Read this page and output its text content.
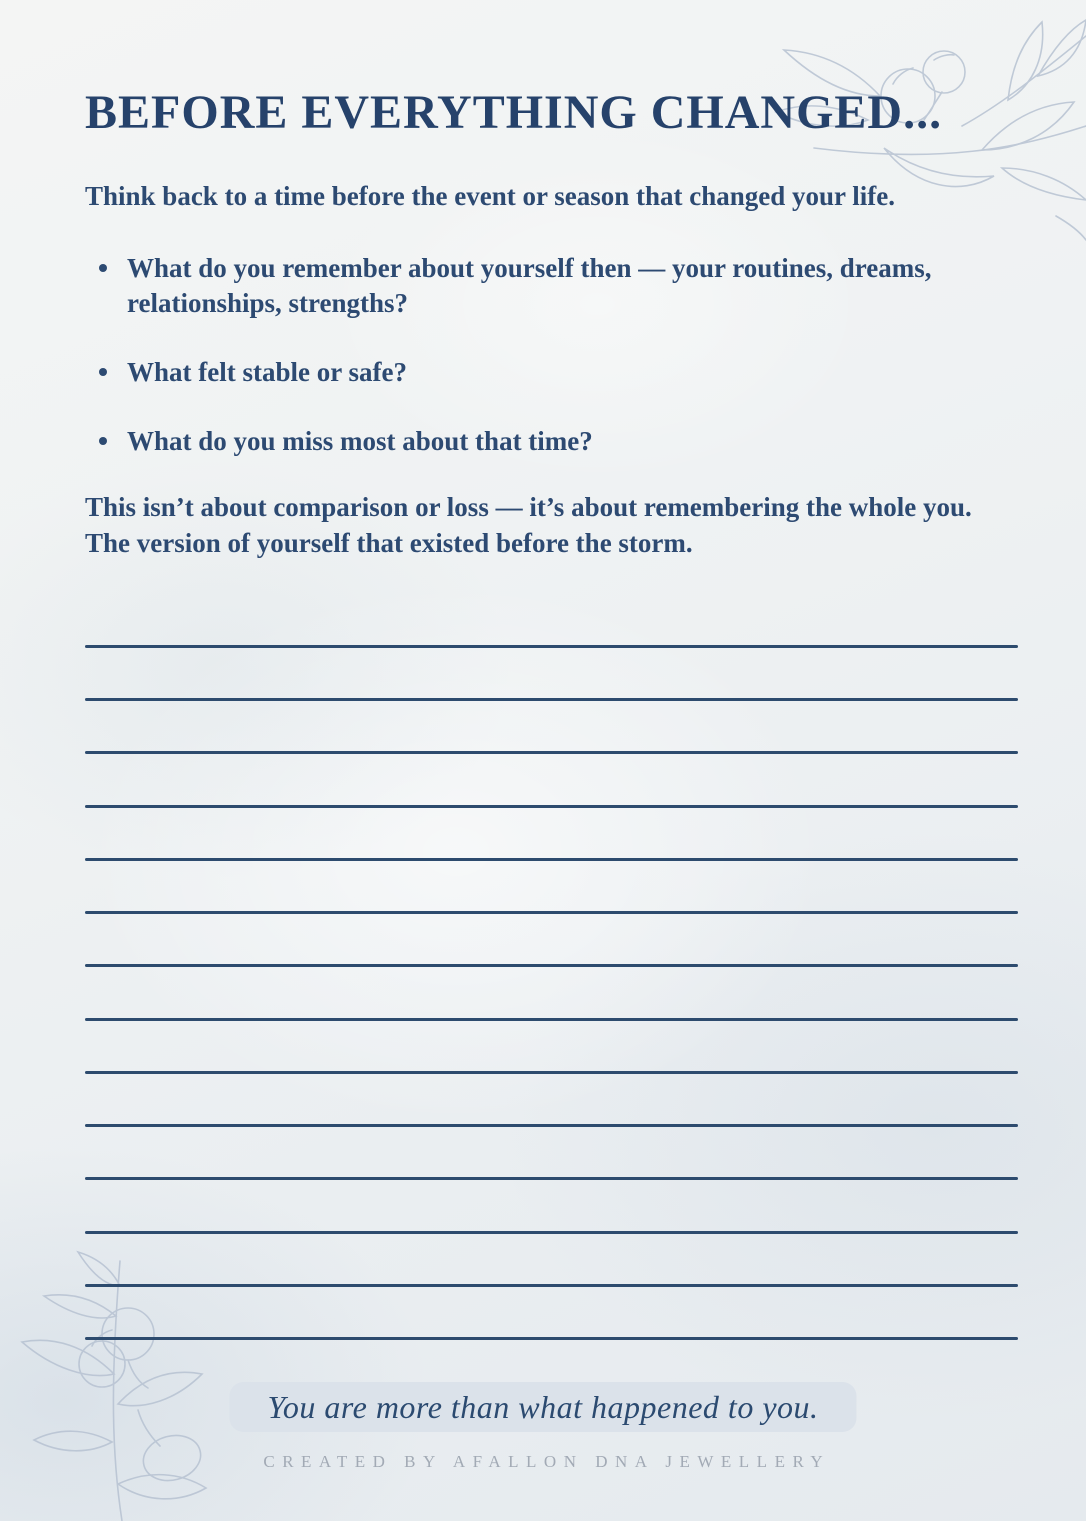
BEFORE EVERYTHING CHANGED...

Think back to a time before the event or season that changed your life.

What do you remember about yourself then — your routines, dreams, relationships, strengths?
What felt stable or safe?
What do you miss most about that time?

This isn’t about comparison or loss — it’s about remembering the whole you. The version of yourself that existed before the storm.

You are more than what happened to you.

CREATED BY AFALLON DNA JEWELLERY
